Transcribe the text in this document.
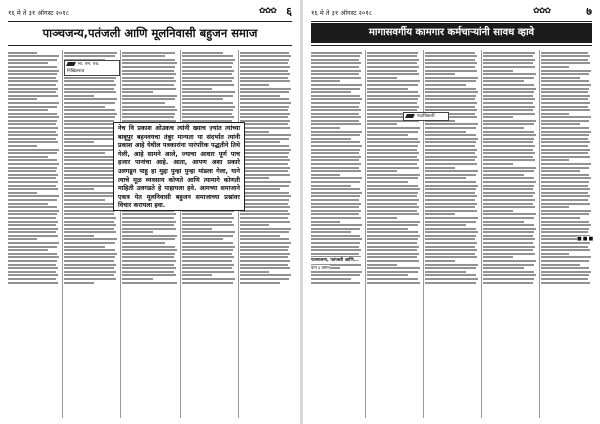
१६ मे ते ३१ ऑगस्ट २०१८	✿✿✿ ६
पाञ्चजन्य,पतंजली आणि मूलनिवासी बहुजन समाज
मा. एम. एच. निखिलराव
नेच वि प्रकाश ओउकच त्यांनी ख्याच ज़्यांत त्यांच्या बाबूपुर बहनवयचा तंबुर मान्यता या संदर्भात त्यांनी प्रकाश आहे येथील पत्रकारांना पारंपरिक पद्धतीने तिथे गेली, आहे सामने आले, ज्याचा आधार पूर्ण पाच हजार पानांचा आहे. आता, आपण अशा प्रकारे उलगडून पाहू हा मुद्दा पुन्हा पुन्हा मांडला गेला, याने त्याचे मूळ व्यवसाय कोणते आणि त्यामागे कोणती माहिती उलगडते हे पाहायला हवे. आमच्या समाजाने एकत्र येत मूलनिवासी बहुजन समाजाच्या प्रश्नांवर विचार करायला हवा.
१६ मे ते ३१ ऑगस्ट २०१८	✿✿✿	७
मागासवर्गीय कामगार कर्मचाऱ्यांनी सावध व्हावे
पदाधिकारी
पाञ्चजन्य, पतंजली आणि...
पान ६ वरून
■■■
